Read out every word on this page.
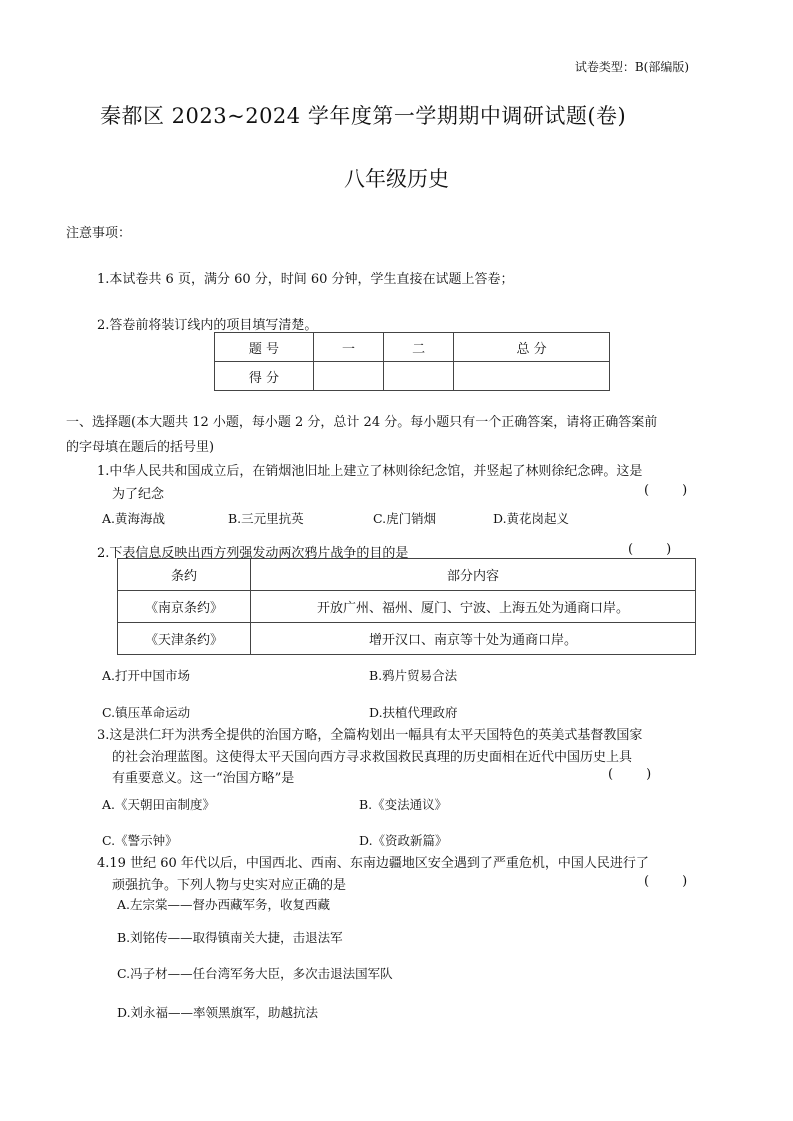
试卷类型：B(部编版)
秦都区 2023~2024 学年度第一学期期中调研试题(卷)
八年级历史
注意事项：
1.本试卷共 6 页，满分 60 分，时间 60 分钟，学生直接在试题上答卷；
2.答卷前将装订线内的项目填写清楚。
题 号	一	二	总 分
得 分			
一、选择题(本大题共 12 小题，每小题 2 分，总计 24 分。每小题只有一个正确答案，请将正确答案前
的字母填在题后的括号里)
1.中华人民共和国成立后，在销烟池旧址上建立了林则徐纪念馆，并竖起了林则徐纪念碑。这是
为了纪念	(        )
A.黄海海战	B.三元里抗英	C.虎门销烟	D.黄花岗起义
2.下表信息反映出西方列强发动两次鸦片战争的目的是	(        )
条约	部分内容
《南京条约》	开放广州、福州、厦门、宁波、上海五处为通商口岸。
《天津条约》	增开汉口、南京等十处为通商口岸。
A.打开中国市场	B.鸦片贸易合法
C.镇压革命运动	D.扶植代理政府
3.这是洪仁玕为洪秀全提供的治国方略，全篇构划出一幅具有太平天国特色的英美式基督教国家
的社会治理蓝图。这使得太平天国向西方寻求救国救民真理的历史面相在近代中国历史上具
有重要意义。这一“治国方略”是	(        )
A.《天朝田亩制度》	B.《变法通议》
C.《警示钟》	D.《资政新篇》
4.19 世纪 60 年代以后，中国西北、西南、东南边疆地区安全遇到了严重危机，中国人民进行了
顽强抗争。下列人物与史实对应正确的是	(        )
A.左宗棠——督办西藏军务，收复西藏
B.刘铭传——取得镇南关大捷，击退法军
C.冯子材——任台湾军务大臣，多次击退法国军队
D.刘永福——率领黑旗军，助越抗法
